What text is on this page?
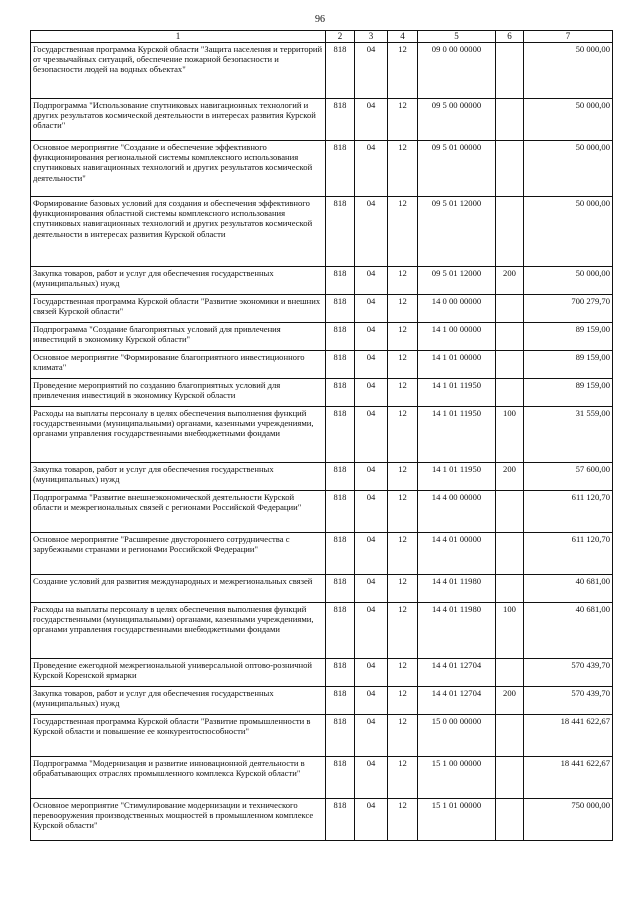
96
1	2	3	4	5	6	7
Государственная программа Курской области "Защита населения и территорий от чрезвычайных ситуаций, обеспечение пожарной безопасности и безопасности людей на водных объектах"	818	04	12	09 0 00 00000		50 000,00
Подпрограмма "Использование спутниковых навигационных технологий и других результатов космической деятельности в интересах развития Курской области"	818	04	12	09 5 00 00000		50 000,00
Основное мероприятие "Создание и обеспечение эффективного функционирования региональной системы комплексного использования спутниковых навигационных технологий и других результатов космической деятельности"	818	04	12	09 5 01 00000		50 000,00
Формирование базовых условий для создания и обеспечения эффективного функционирования областной системы комплексного использования спутниковых навигационных технологий и других результатов космической деятельности в интересах развития Курской области	818	04	12	09 5 01 12000		50 000,00
Закупка товаров, работ и услуг для обеспечения государственных (муниципальных) нужд	818	04	12	09 5 01 12000	200	50 000,00
Государственная программа Курской области "Развитие экономики и внешних связей Курской области"	818	04	12	14 0 00 00000		700 279,70
Подпрограмма "Создание благоприятных условий для привлечения инвестиций в экономику Курской области"	818	04	12	14 1 00 00000		89 159,00
Основное мероприятие "Формирование благоприятного инвестиционного климата"	818	04	12	14 1 01 00000		89 159,00
Проведение мероприятий по созданию благоприятных условий для привлечения инвестиций в экономику Курской области	818	04	12	14 1 01 11950		89 159,00
Расходы на выплаты персоналу в целях обеспечения выполнения функций государственными (муниципальными) органами, казенными учреждениями, органами управления государственными внебюджетными фондами	818	04	12	14 1 01 11950	100	31 559,00
Закупка товаров, работ и услуг для обеспечения государственных (муниципальных) нужд	818	04	12	14 1 01 11950	200	57 600,00
Подпрограмма "Развитие внешнеэкономической деятельности Курской области и межрегиональных связей с регионами Российской Федерации"	818	04	12	14 4 00 00000		611 120,70
Основное мероприятие "Расширение двустороннего сотрудничества с зарубежными странами и регионами Российской Федерации"	818	04	12	14 4 01 00000		611 120,70
Создание условий для развития международных и межрегиональных связей	818	04	12	14 4 01 11980		40 681,00
Расходы на выплаты персоналу в целях обеспечения выполнения функций государственными (муниципальными) органами, казенными учреждениями, органами управления государственными внебюджетными фондами	818	04	12	14 4 01 11980	100	40 681,00
Проведение ежегодной межрегиональной универсальной оптово-розничной Курской Коренской ярмарки	818	04	12	14 4 01 12704		570 439,70
Закупка товаров, работ и услуг для обеспечения государственных (муниципальных) нужд	818	04	12	14 4 01 12704	200	570 439,70
Государственная программа Курской области "Развитие промышленности в Курской области и повышение ее конкурентоспособности"	818	04	12	15 0 00 00000		18 441 622,67
Подпрограмма "Модернизация и развитие инновационной деятельности в обрабатывающих отраслях промышленного комплекса Курской области"	818	04	12	15 1 00 00000		18 441 622,67
Основное мероприятие "Стимулирование модернизации и технического перевооружения производственных мощностей в промышленном комплексе Курской области"	818	04	12	15 1 01 00000		750 000,00
